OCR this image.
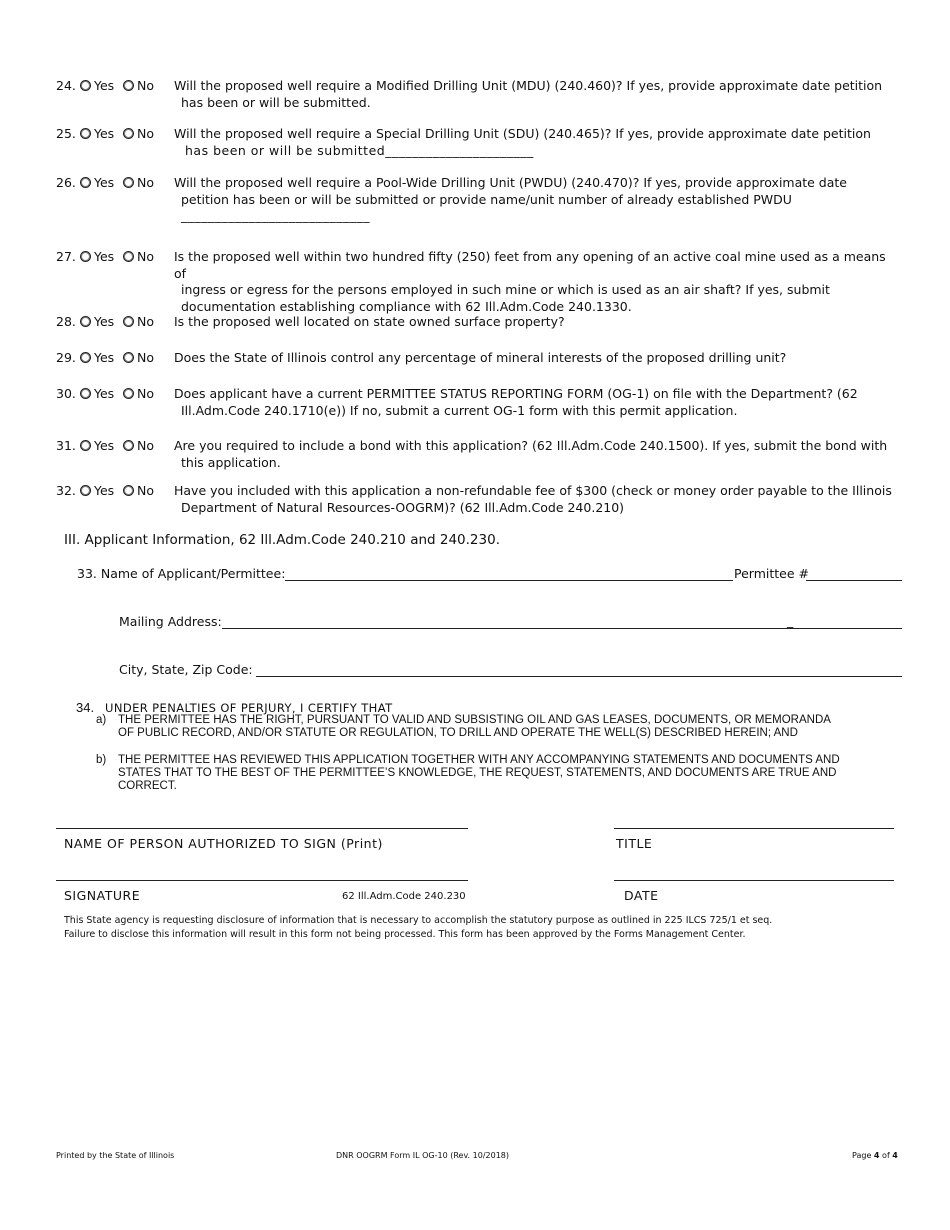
24. Yes No Will the proposed well require a Modified Drilling Unit (MDU) (240.460)? If yes, provide approximate date petition
has been or will be submitted.
25. Yes No Will the proposed well require a Special Drilling Unit (SDU) (240.465)? If yes, provide approximate date petition
has been or will be submitted______________________
26. Yes No Will the proposed well require a Pool-Wide Drilling Unit (PWDU) (240.470)? If yes, provide approximate date
petition has been or will be submitted or provide name/unit number of already established PWDU
____________________________
27. Yes No Is the proposed well within two hundred fifty (250) feet from any opening of an active coal mine used as a means of
ingress or egress for the persons employed in such mine or which is used as an air shaft? If yes, submit
documentation establishing compliance with 62 Ill.Adm.Code 240.1330.
28. Yes No Is the proposed well located on state owned surface property?
29. Yes No Does the State of Illinois control any percentage of mineral interests of the proposed drilling unit?
30. Yes No Does applicant have a current PERMITTEE STATUS REPORTING FORM (OG-1) on file with the Department? (62
Ill.Adm.Code 240.1710(e)) If no, submit a current OG-1 form with this permit application.
31. Yes No Are you required to include a bond with this application? (62 Ill.Adm.Code 240.1500). If yes, submit the bond with
this application.
32. Yes No Have you included with this application a non-refundable fee of $300 (check or money order payable to the Illinois
Department of Natural Resources-OOGRM)? (62 Ill.Adm.Code 240.210)
III. Applicant Information, 62 Ill.Adm.Code 240.210 and 240.230.
33. Name of Applicant/Permittee:	Permittee #
Mailing Address:	_
City, State, Zip Code:
34. UNDER PENALTIES OF PERJURY, I CERTIFY THAT
a) THE PERMITTEE HAS THE RIGHT, PURSUANT TO VALID AND SUBSISTING OIL AND GAS LEASES, DOCUMENTS, OR MEMORANDA OF PUBLIC RECORD, AND/OR STATUTE OR REGULATION, TO DRILL AND OPERATE THE WELL(S) DESCRIBED HEREIN; AND
b) THE PERMITTEE HAS REVIEWED THIS APPLICATION TOGETHER WITH ANY ACCOMPANYING STATEMENTS AND DOCUMENTS AND STATES THAT TO THE BEST OF THE PERMITTEE’S KNOWLEDGE, THE REQUEST, STATEMENTS, AND DOCUMENTS ARE TRUE AND CORRECT.
NAME OF PERSON AUTHORIZED TO SIGN (Print)	TITLE
SIGNATURE	62 Ill.Adm.Code 240.230	DATE
This State agency is requesting disclosure of information that is necessary to accomplish the statutory purpose as outlined in 225 ILCS 725/1 et seq.
Failure to disclose this information will result in this form not being processed. This form has been approved by the Forms Management Center.
Printed by the State of Illinois	DNR OOGRM Form IL OG-10 (Rev. 10/2018)	Page 4 of 4
